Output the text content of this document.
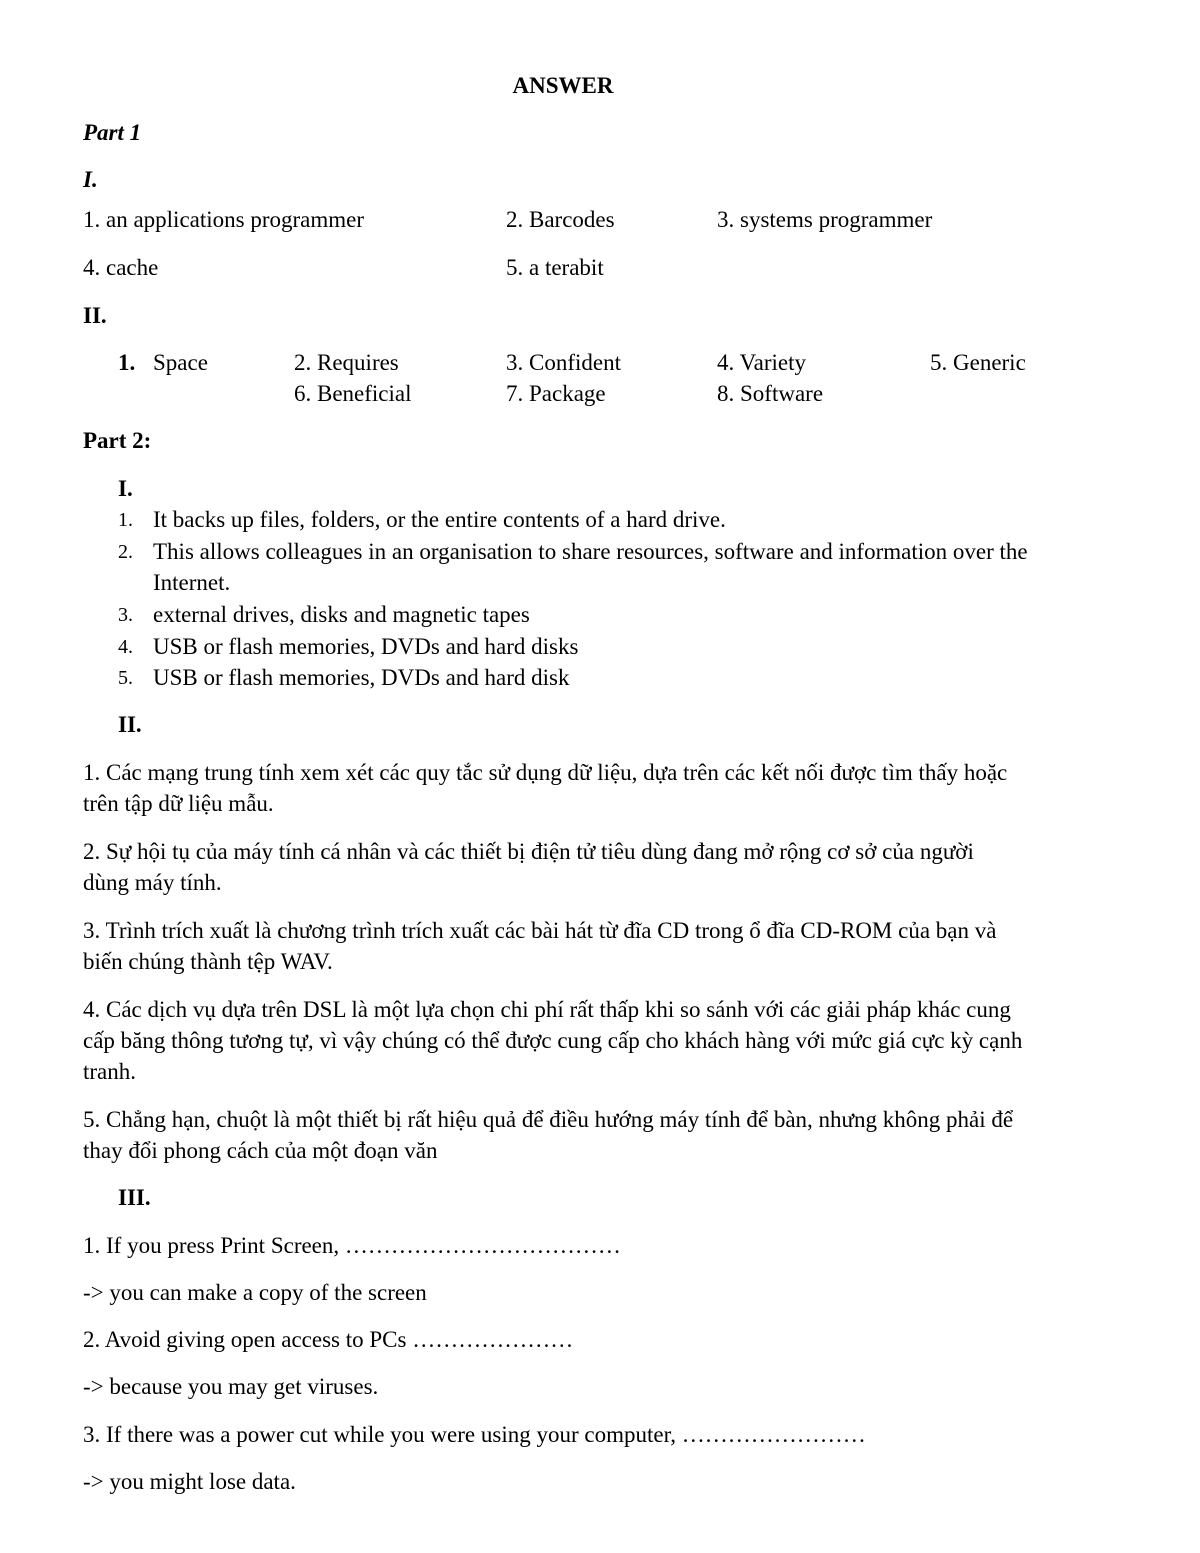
ANSWER
Part 1
I.
1. an applications programmer	2. Barcodes	3. systems programmer
4. cache	5. a terabit
II.
1. Space	2. Requires	3. Confident	4. Variety	5. Generic
6. Beneficial	7. Package	8. Software
Part 2:
I.
1. It backs up files, folders, or the entire contents of a hard drive.
2. This allows colleagues in an organisation to share resources, software and information over the
Internet.
3. external drives, disks and magnetic tapes
4. USB or flash memories, DVDs and hard disks
5. USB or flash memories, DVDs and hard disk
II.
1. Các mạng trung tính xem xét các quy tắc sử dụng dữ liệu, dựa trên các kết nối được tìm thấy hoặc
trên tập dữ liệu mẫu.
2. Sự hội tụ của máy tính cá nhân và các thiết bị điện tử tiêu dùng đang mở rộng cơ sở của người
dùng máy tính.
3. Trình trích xuất là chương trình trích xuất các bài hát từ đĩa CD trong ổ đĩa CD-ROM của bạn và
biến chúng thành tệp WAV.
4. Các dịch vụ dựa trên DSL là một lựa chọn chi phí rất thấp khi so sánh với các giải pháp khác cung
cấp băng thông tương tự, vì vậy chúng có thể được cung cấp cho khách hàng với mức giá cực kỳ cạnh
tranh.
5. Chẳng hạn, chuột là một thiết bị rất hiệu quả để điều hướng máy tính để bàn, nhưng không phải để
thay đổi phong cách của một đoạn văn
III.
1. If you press Print Screen, ………………………………
-> you can make a copy of the screen
2. Avoid giving open access to PCs …………………
-> because you may get viruses.
3. If there was a power cut while you were using your computer, ……………………
-> you might lose data.
